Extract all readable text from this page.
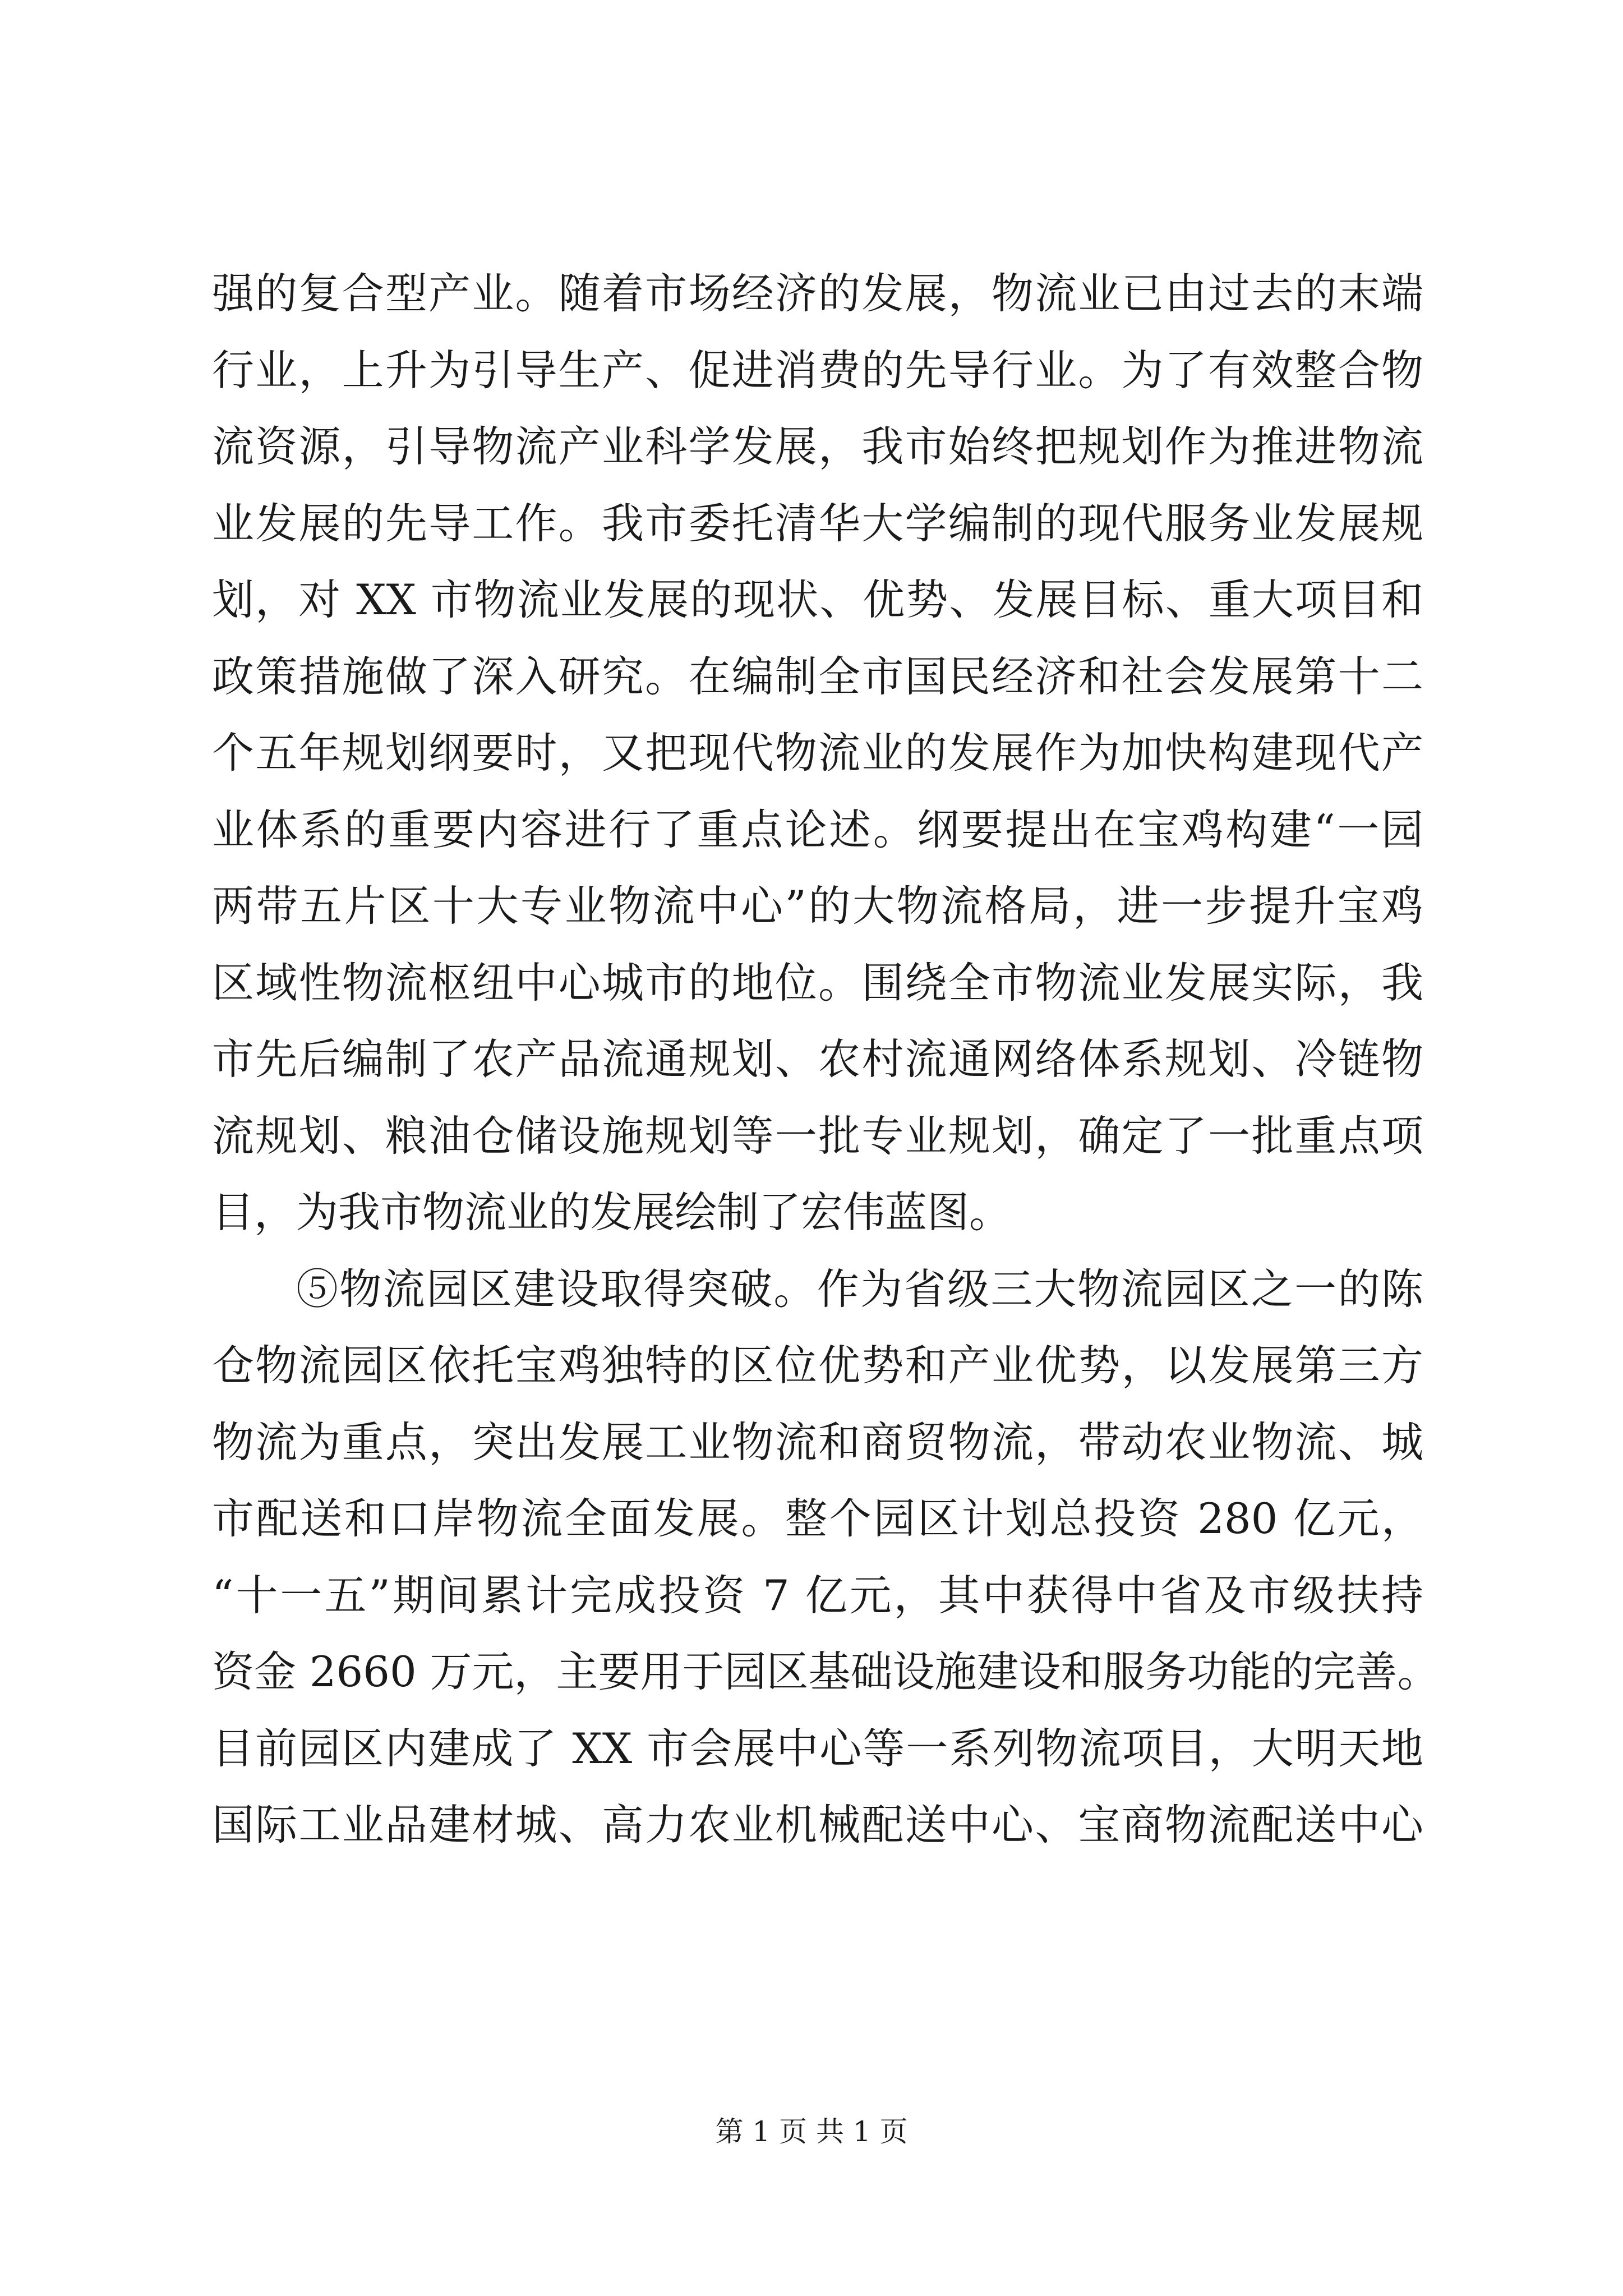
强的复合型产业。随着市场经济的发展，物流业已由过去的末端
行业，上升为引导生产、促进消费的先导行业。为了有效整合物
流资源，引导物流产业科学发展，我市始终把规划作为推进物流
业发展的先导工作。我市委托清华大学编制的现代服务业发展规
划，对 XX 市物流业发展的现状、优势、发展目标、重大项目和
政策措施做了深入研究。在编制全市国民经济和社会发展第十二
个五年规划纲要时，又把现代物流业的发展作为加快构建现代产
业体系的重要内容进行了重点论述。纲要提出在宝鸡构建“一园
两带五片区十大专业物流中心”的大物流格局，进一步提升宝鸡
区域性物流枢纽中心城市的地位。围绕全市物流业发展实际，我
市先后编制了农产品流通规划、农村流通网络体系规划、冷链物
流规划、粮油仓储设施规划等一批专业规划，确定了一批重点项
目，为我市物流业的发展绘制了宏伟蓝图。
⑤物流园区建设取得突破。作为省级三大物流园区之一的陈
仓物流园区依托宝鸡独特的区位优势和产业优势，以发展第三方
物流为重点，突出发展工业物流和商贸物流，带动农业物流、城
市配送和口岸物流全面发展。整个园区计划总投资 280 亿元，
“十一五”期间累计完成投资 7 亿元，其中获得中省及市级扶持
资金 2660 万元，主要用于园区基础设施建设和服务功能的完善。
目前园区内建成了 XX 市会展中心等一系列物流项目，大明天地
国际工业品建材城、高力农业机械配送中心、宝商物流配送中心
第 1 页 共 1 页
